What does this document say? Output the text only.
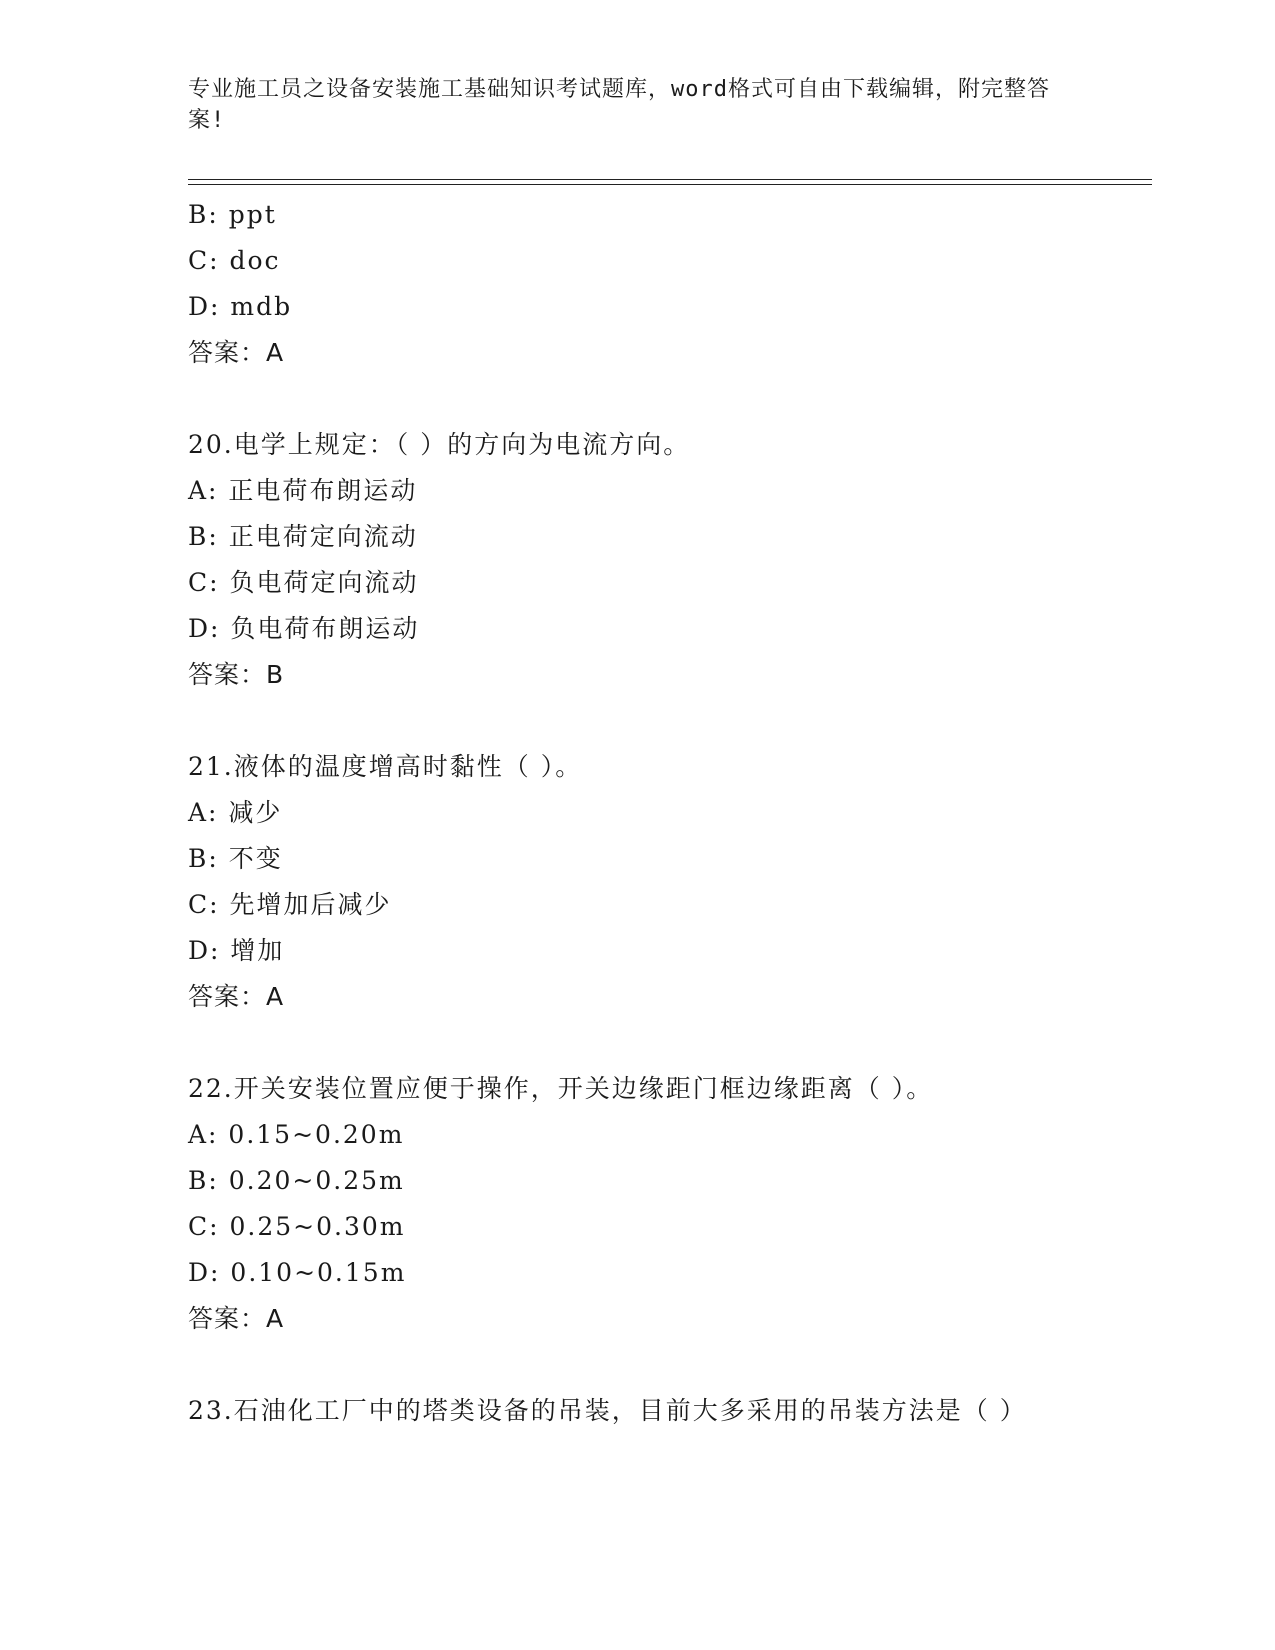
专业施工员之设备安装施工基础知识考试题库，word格式可自由下载编辑，附完整答案!
B: ppt
C: doc
D: mdb
答案：A
20.电学上规定：（ ）的方向为电流方向。
A: 正电荷布朗运动
B: 正电荷定向流动
C: 负电荷定向流动
D: 负电荷布朗运动
答案：B
21.液体的温度增高时黏性（ ）。
A: 减少
B: 不变
C: 先增加后减少
D: 增加
答案：A
22.开关安装位置应便于操作，开关边缘距门框边缘距离（ ）。
A: 0.15~0.20m
B: 0.20~0.25m
C: 0.25~0.30m
D: 0.10~0.15m
答案：A
23.石油化工厂中的塔类设备的吊装，目前大多采用的吊装方法是（ ）
